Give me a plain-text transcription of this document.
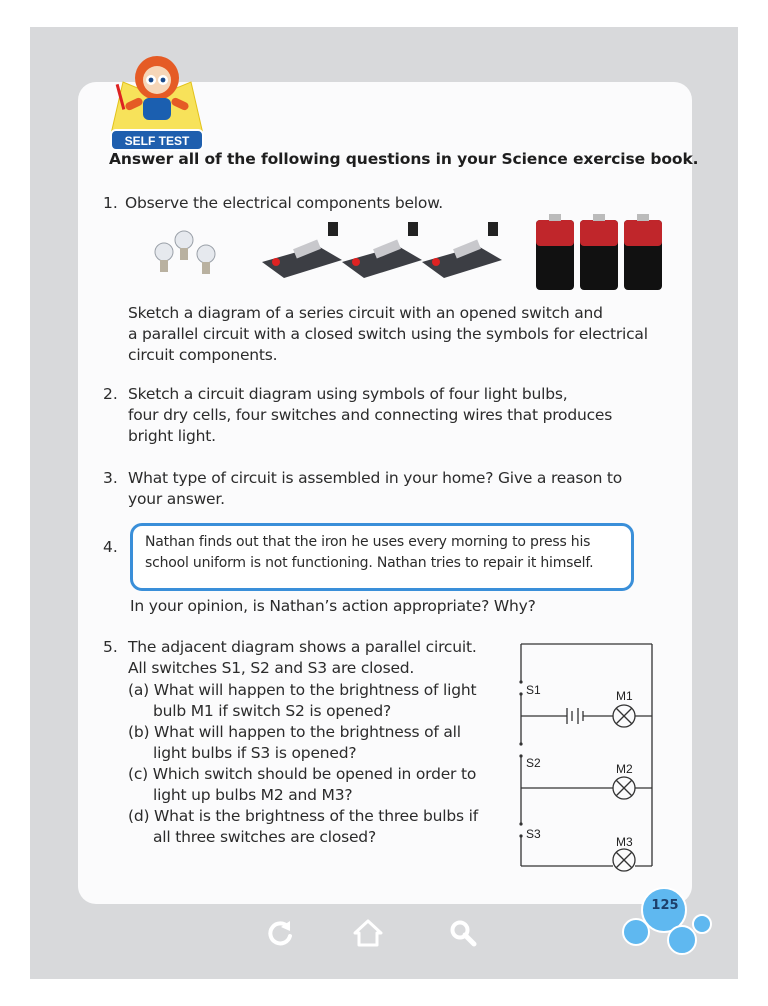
SELF TEST
Answer all of the following questions in your Science exercise book.
1. Observe the electrical components below.
Sketch a diagram of a series circuit with an opened switch and
a parallel circuit with a closed switch using the symbols for electrical
circuit components.
2. Sketch a circuit diagram using symbols of four light bulbs,
four dry cells, four switches and connecting wires that produces
bright light.
3. What type of circuit is assembled in your home? Give a reason to
your answer.
4. Nathan finds out that the iron he uses every morning to press his
school uniform is not functioning. Nathan tries to repair it himself.
In your opinion, is Nathan’s action appropriate? Why?
5. The adjacent diagram shows a parallel circuit.
All switches S1, S2 and S3 are closed.
(a) What will happen to the brightness of light
bulb M1 if switch S2 is opened?
(b) What will happen to the brightness of all
light bulbs if S3 is opened?
(c) Which switch should be opened in order to
light up bulbs M2 and M3?
(d) What is the brightness of the three bulbs if
all three switches are closed?
S1	M1
S2	M2
S3
M3
125
